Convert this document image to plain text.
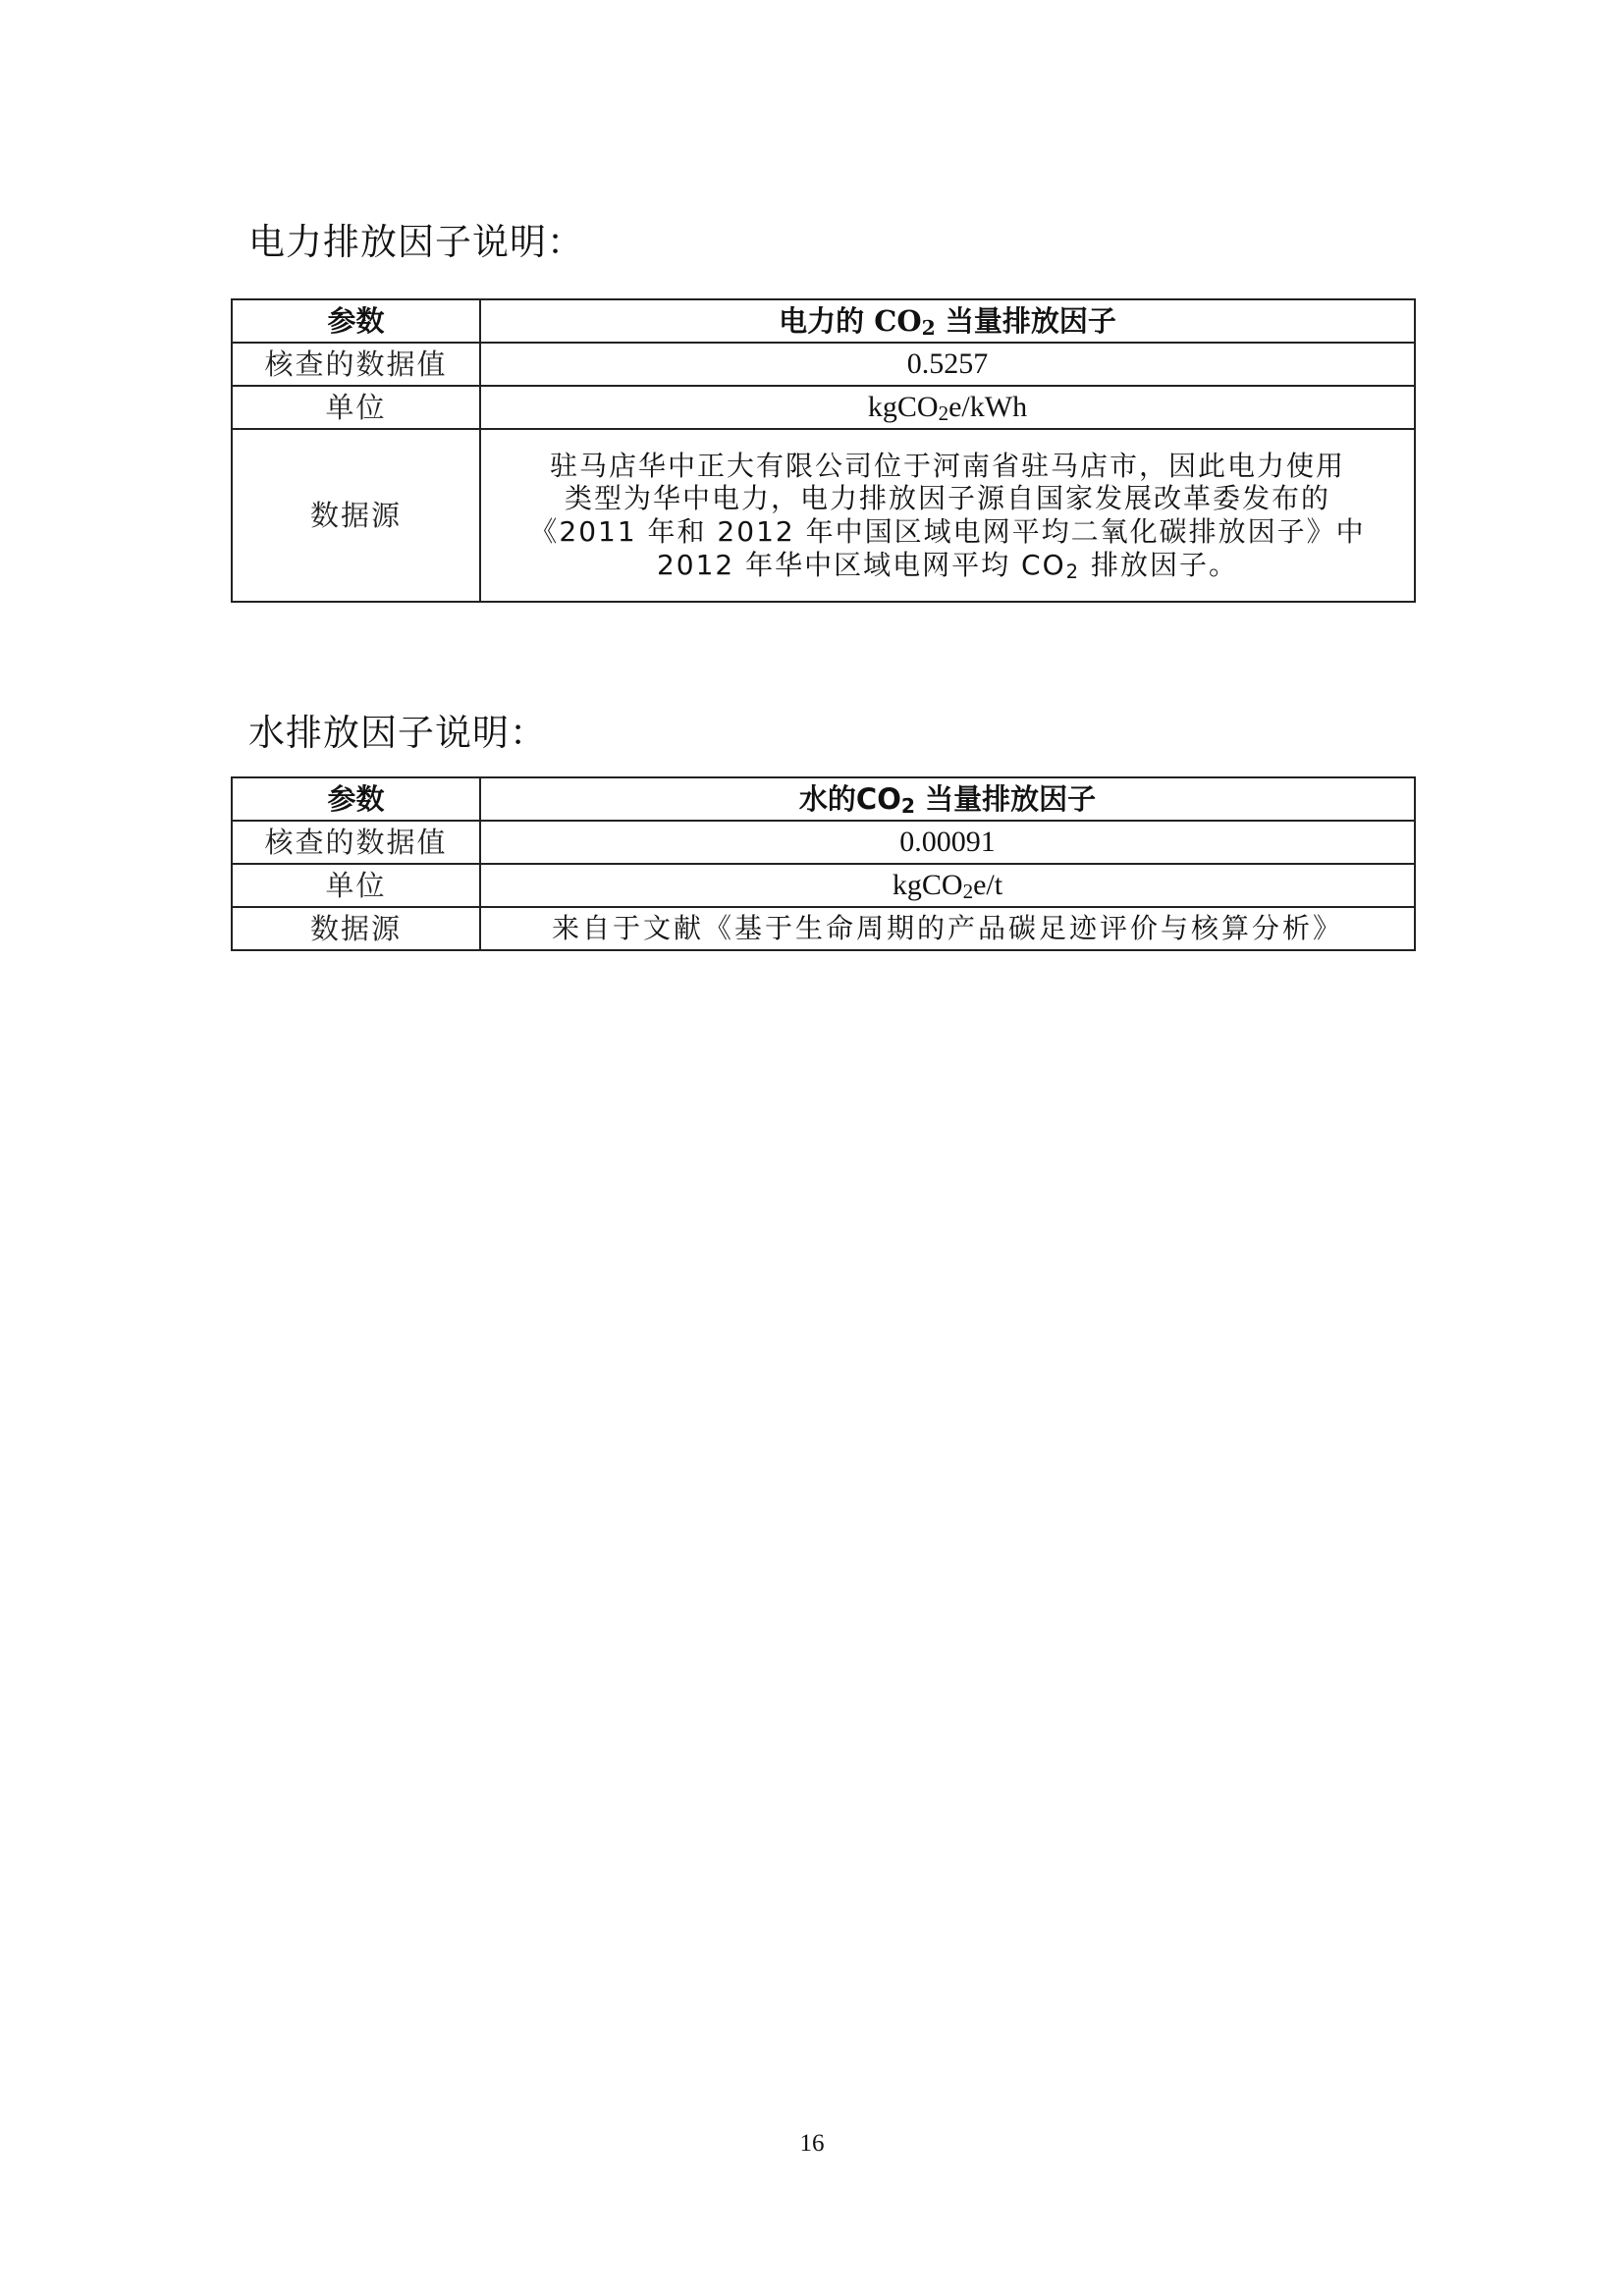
电力排放因子说明：
参数	电力的 $CO_2$ 当量排放因子
核查的数据值	0.5257
单位	kgCO$_2$e/kWh
数据源	驻马店华中正大有限公司位于河南省驻马店市，因此电力使用
类型为华中电力，电力排放因子源自国家发展改革委发布的
《2011 年和 2012 年中国区域电网平均二氧化碳排放因子》中
2012 年华中区域电网平均 $CO_2$ 排放因子。
水排放因子说明：
参数	水的$CO_2$ 当量排放因子
核查的数据值	0.00091
单位	kgCO$_2$e/t
数据源	来自于文献《基于生命周期的产品碳足迹评价与核算分析》
16
